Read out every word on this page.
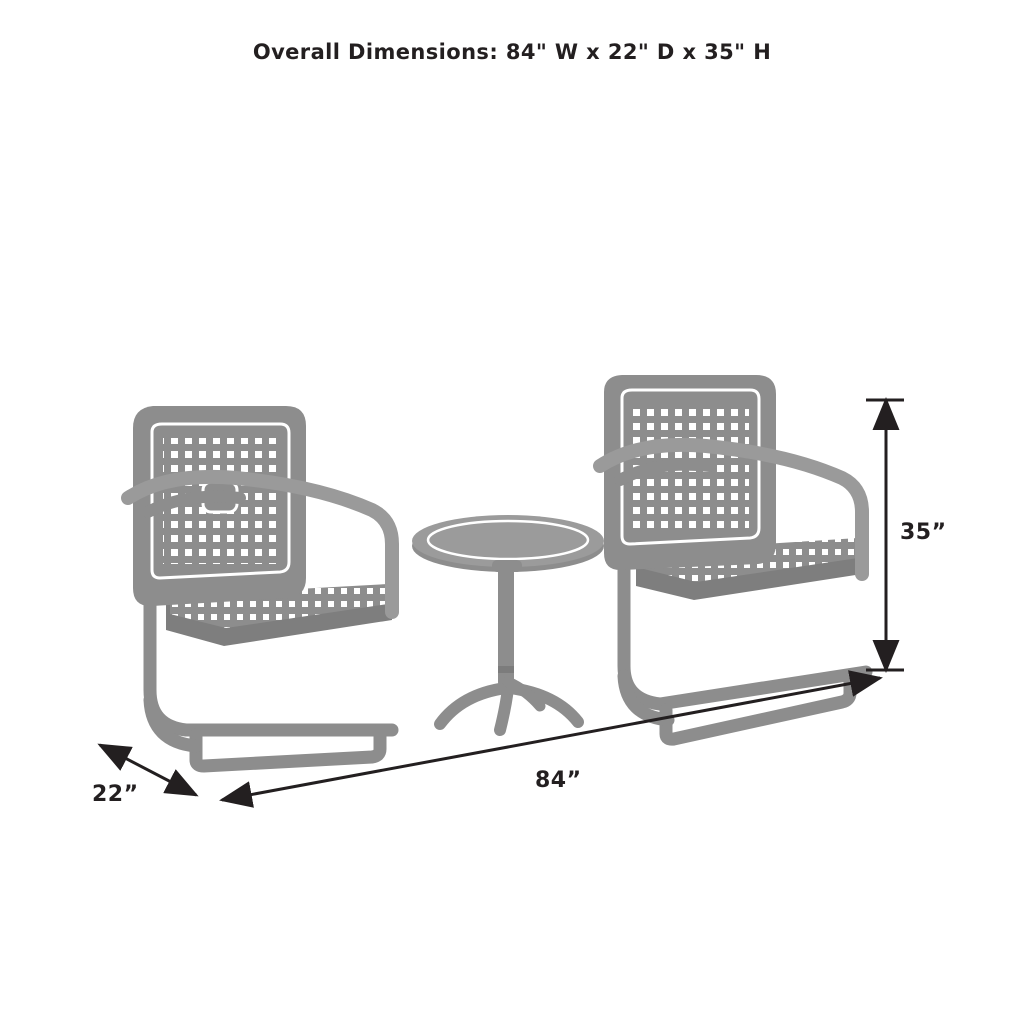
Overall Dimensions: 84" W x 22" D x 35" H
35”
84”
22”
